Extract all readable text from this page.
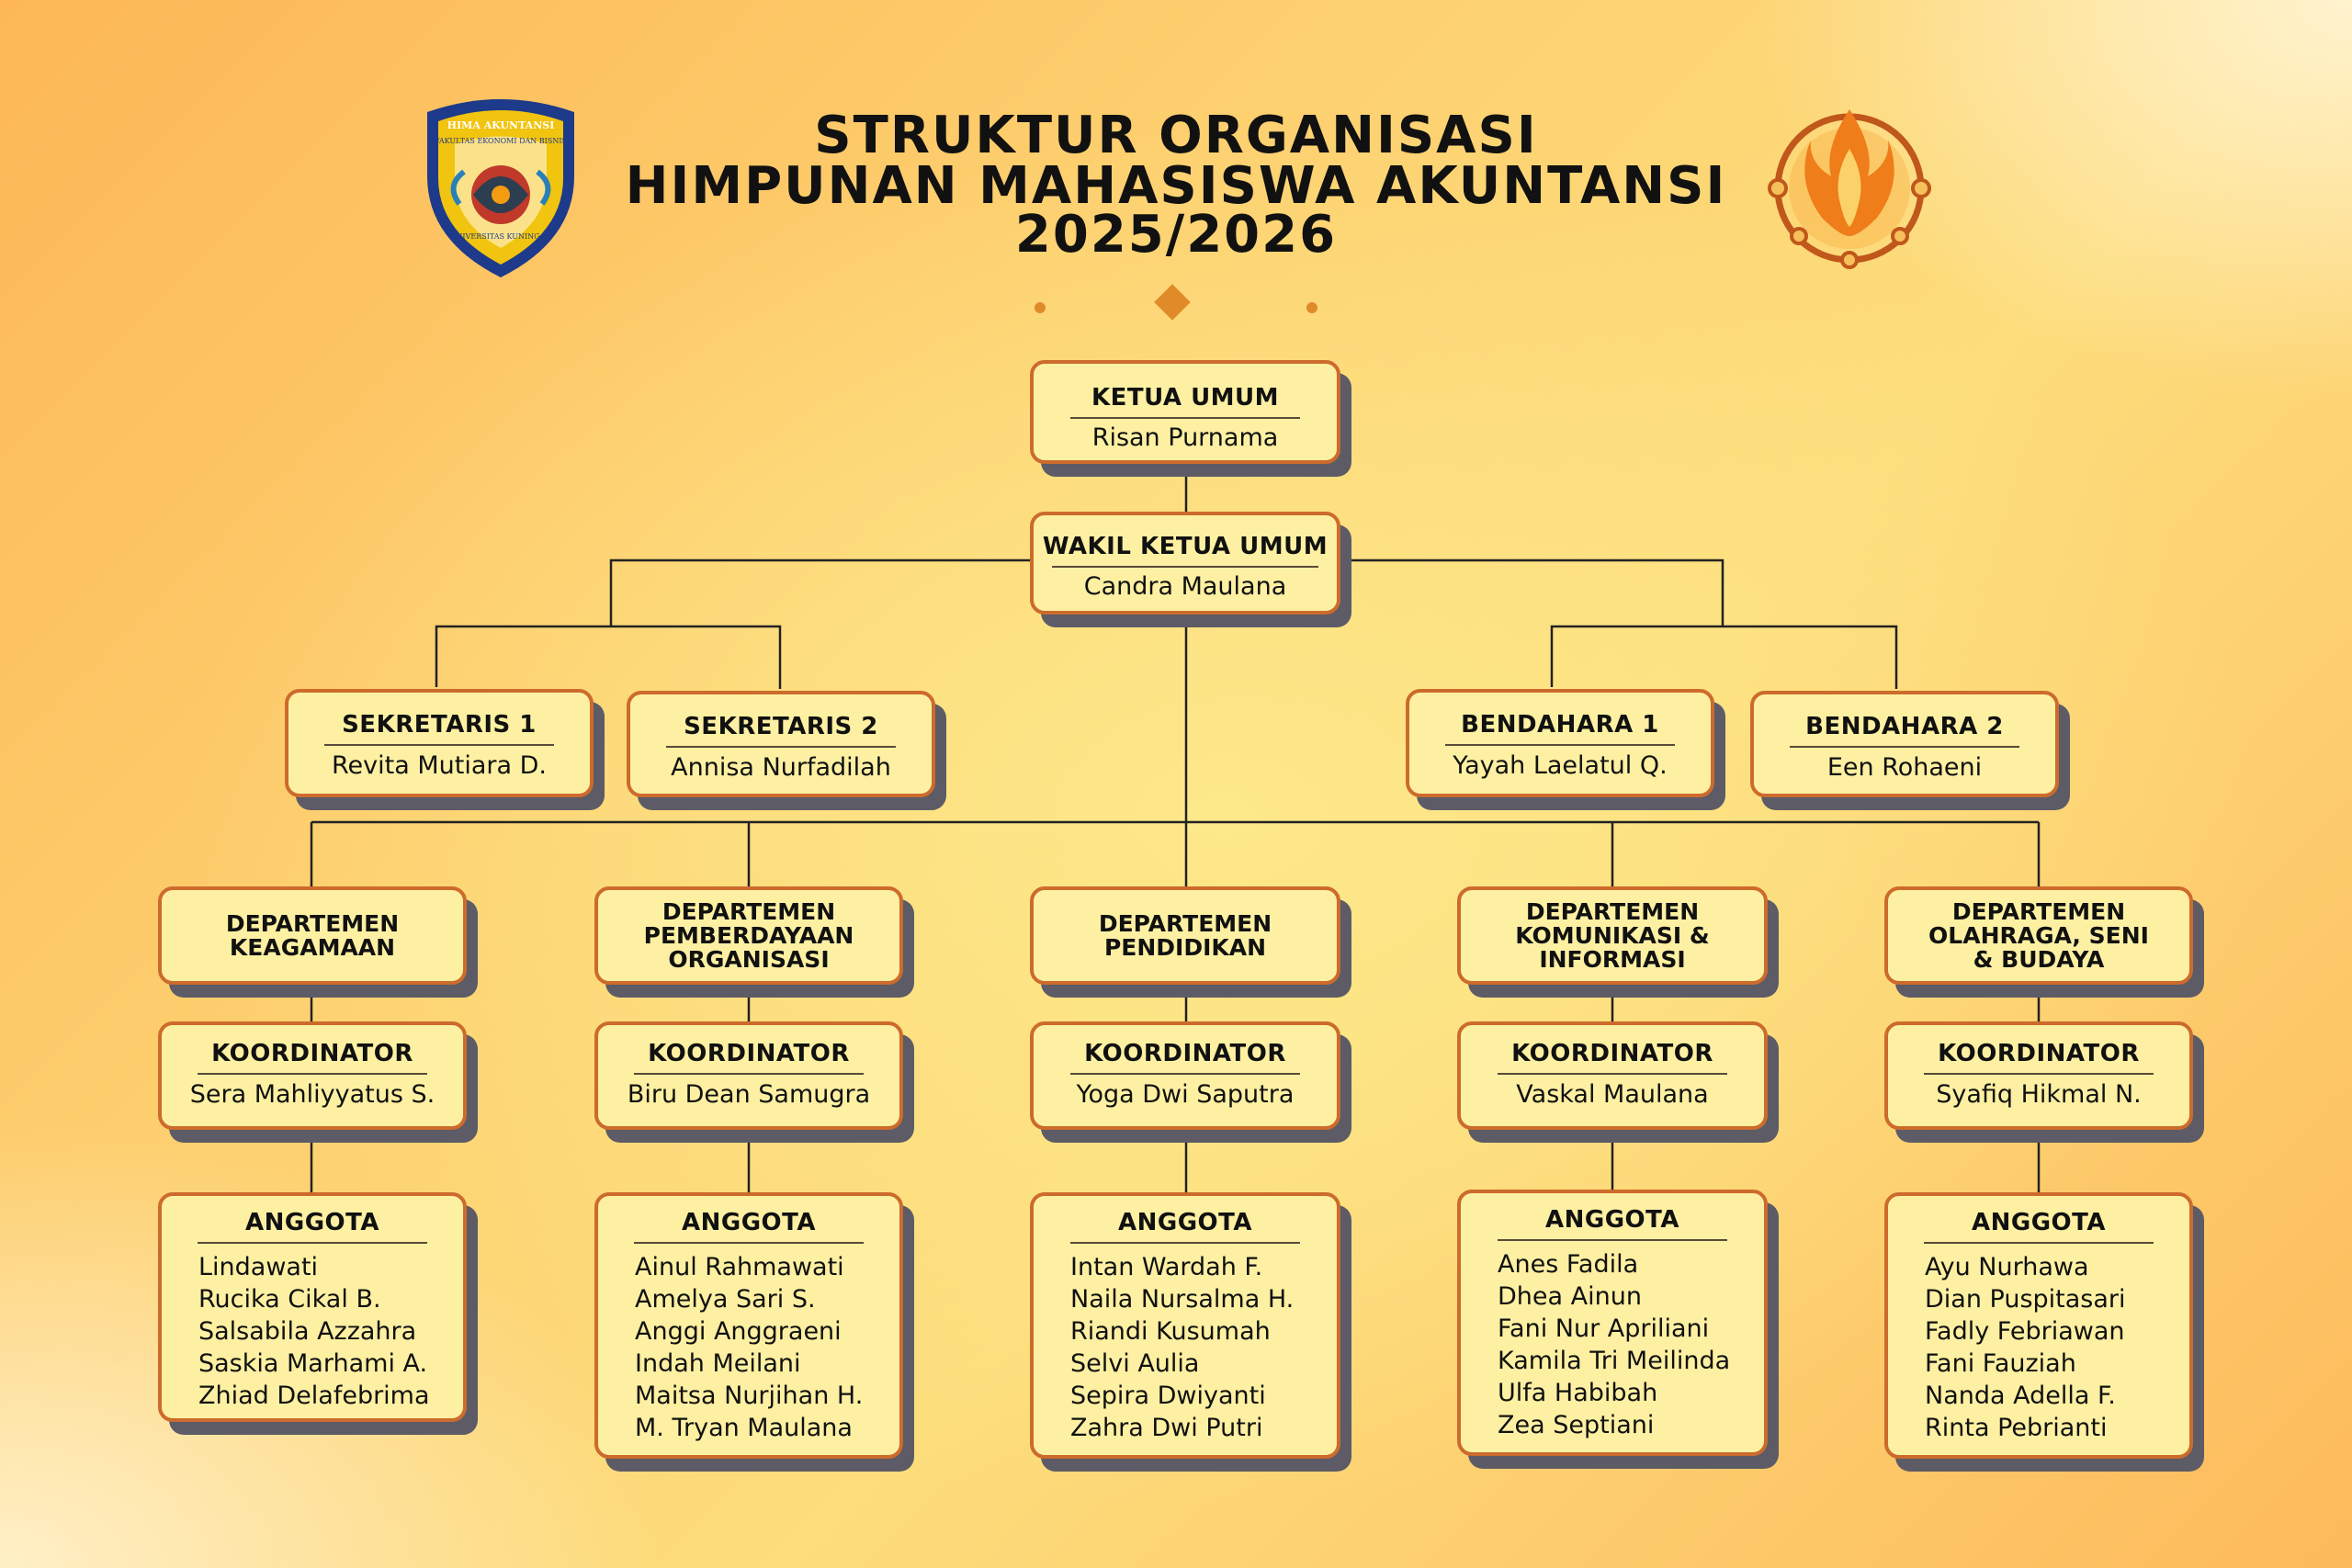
STRUKTUR ORGANISASI
HIMPUNAN MAHASISWA AKUNTANSI
2025/2026
HIMA AKUNTANSI
FAKULTAS EKONOMI DAN BISNIS
UNIVERSITAS KUNINGAN
KETUA UMUM
Risan Purnama
WAKIL KETUA UMUM
Candra Maulana
SEKRETARIS 1
Revita Mutiara D.
SEKRETARIS 2
Annisa Nurfadilah
BENDAHARA 1
Yayah Laelatul Q.
BENDAHARA 2
Een Rohaeni
DEPARTEMEN
KEAGAMAAN
KOORDINATOR
Sera Mahliyyatus S.
ANGGOTA
Lindawati
Rucika Cikal B.
Salsabila Azzahra
Saskia Marhami A.
Zhiad Delafebrima
DEPARTEMEN
PEMBERDAYAAN
ORGANISASI
KOORDINATOR
Biru Dean Samugra
ANGGOTA
Ainul Rahmawati
Amelya Sari S.
Anggi Anggraeni
Indah Meilani
Maitsa Nurjihan H.
M. Tryan Maulana
DEPARTEMEN
PENDIDIKAN
KOORDINATOR
Yoga Dwi Saputra
ANGGOTA
Intan Wardah F.
Naila Nursalma H.
Riandi Kusumah
Selvi Aulia
Sepira Dwiyanti
Zahra Dwi Putri
DEPARTEMEN
KOMUNIKASI &
INFORMASI
KOORDINATOR
Vaskal Maulana
ANGGOTA
Anes Fadila
Dhea Ainun
Fani Nur Apriliani
Kamila Tri Meilinda
Ulfa Habibah
Zea Septiani
DEPARTEMEN
OLAHRAGA, SENI
& BUDAYA
KOORDINATOR
Syafiq Hikmal N.
ANGGOTA
Ayu Nurhawa
Dian Puspitasari
Fadly Febriawan
Fani Fauziah
Nanda Adella F.
Rinta Pebrianti
